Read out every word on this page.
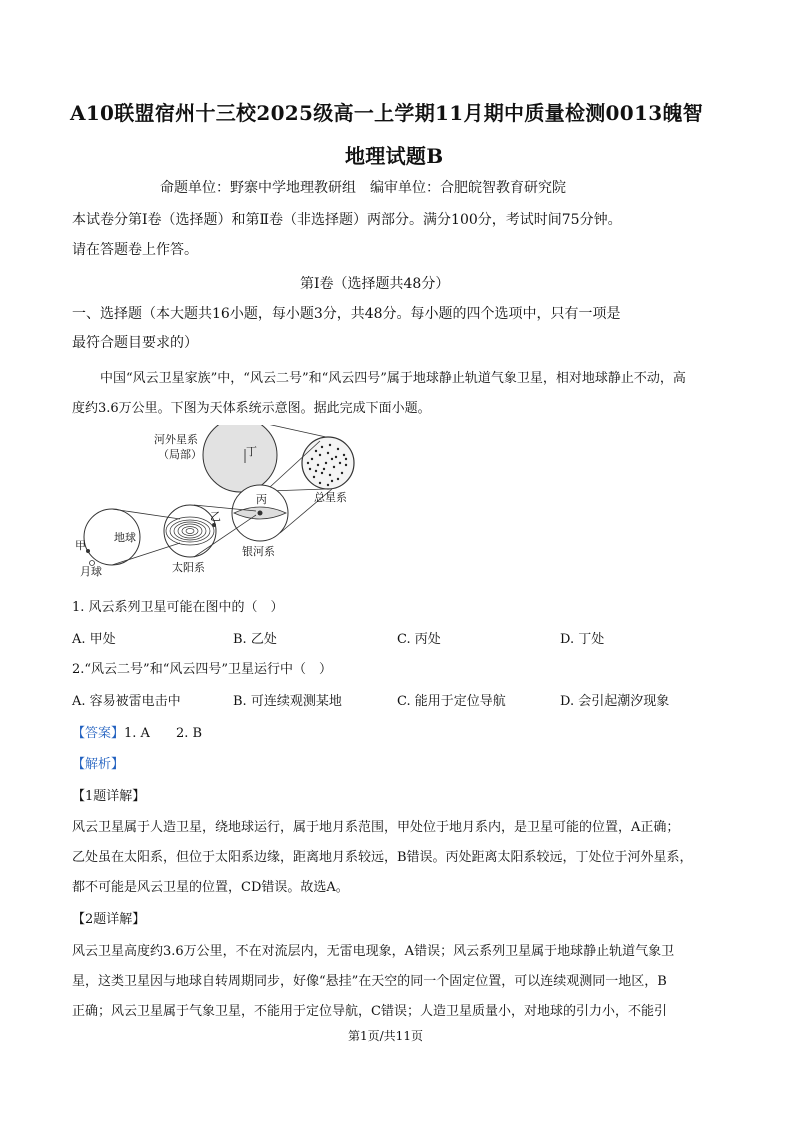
A10联盟宿州十三校2025级高一上学期11月期中质量检测0013魄智
地理试题B
命题单位：野寨中学地理教研组　编审单位：合肥皖智教育研究院
本试卷分第Ⅰ卷（选择题）和第Ⅱ卷（非选择题）两部分。满分100分，考试时间75分钟。
请在答题卷上作答。
第Ⅰ卷（选择题共48分）
一、选择题（本大题共16小题，每小题3分，共48分。每小题的四个选项中，只有一项是
最符合题目要求的）
中国“风云卫星家族”中，“风云二号”和“风云四号”属于地球静止轨道气象卫星，相对地球静止不动，高
度约3.6万公里。下图为天体系统示意图。据此完成下面小题。
河外星系
（局部）	丁
总星系
丙
乙
地球
甲
月球	太阳系
银河系
1. 风云系列卫星可能在图中的（　）
A. 甲处	B. 乙处	C. 丙处	D. 丁处
2.“风云二号”和“风云四号”卫星运行中（　）
A. 容易被雷电击中	B. 可连续观测某地	C. 能用于定位导航	D. 会引起潮汐现象
【答案】1. A　　2. B
【解析】
【1题详解】
风云卫星属于人造卫星，绕地球运行，属于地月系范围，甲处位于地月系内，是卫星可能的位置，A正确；
乙处虽在太阳系，但位于太阳系边缘，距离地月系较远，B错误。丙处距离太阳系较远，丁处位于河外星系，
都不可能是风云卫星的位置，CD错误。故选A。
【2题详解】
风云卫星高度约3.6万公里，不在对流层内，无雷电现象，A错误；风云系列卫星属于地球静止轨道气象卫
星，这类卫星因与地球自转周期同步，好像“悬挂”在天空的同一个固定位置，可以连续观测同一地区，B
正确；风云卫星属于气象卫星，不能用于定位导航，C错误；人造卫星质量小，对地球的引力小，不能引
第1页/共11页
